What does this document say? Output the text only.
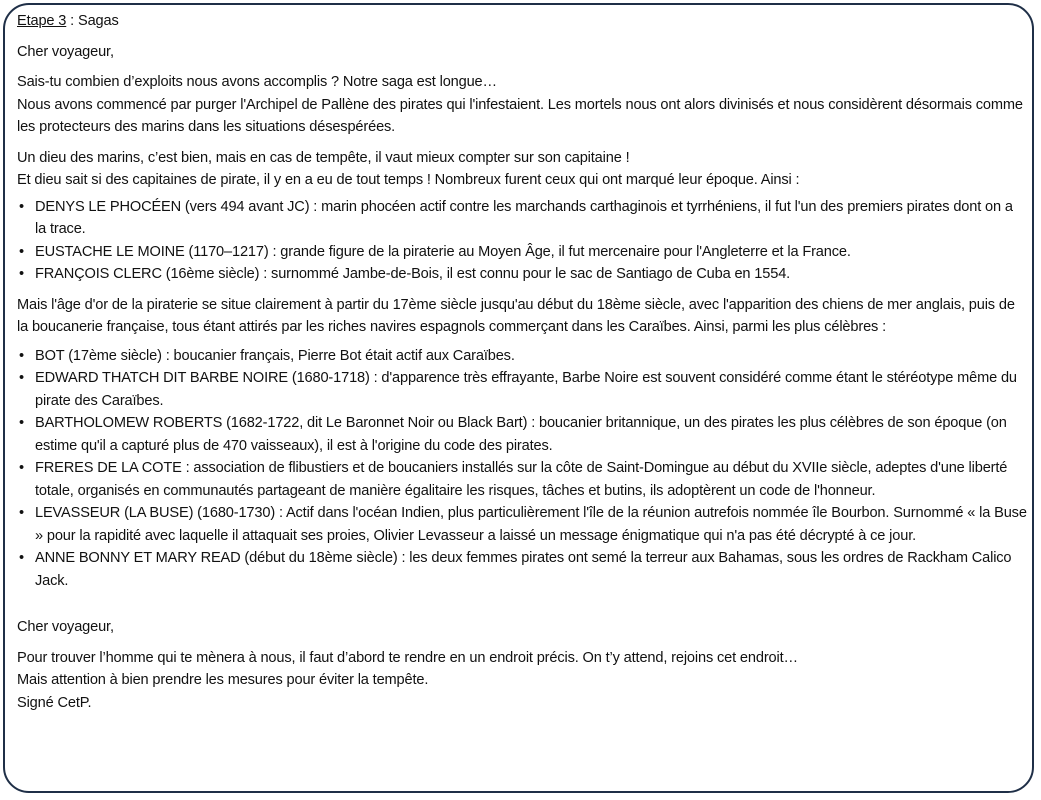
Etape 3 : Sagas

Cher voyageur,

Sais-tu combien d’exploits nous avons accomplis ? Notre saga est longue…

Nous avons commencé par purger l'Archipel de Pallène des pirates qui l'infestaient. Les mortels nous ont alors divinisés et nous considèrent désormais comme les protecteurs des marins dans les situations désespérées.

Un dieu des marins, c’est bien, mais en cas de tempête, il vaut mieux compter sur son capitaine !

Et dieu sait si des capitaines de pirate, il y en a eu de tout temps ! Nombreux furent ceux qui ont marqué leur époque. Ainsi :

• DENYS LE PHOCÉEN (vers 494 avant JC) : marin phocéen actif contre les marchands carthaginois et tyrrhéniens, il fut l'un des premiers pirates dont on a la trace.
• EUSTACHE LE MOINE (1170–1217) : grande figure de la piraterie au Moyen Âge, il fut mercenaire pour l'Angleterre et la France.
• FRANÇOIS CLERC (16ème siècle) : surnommé Jambe-de-Bois, il est connu pour le sac de Santiago de Cuba en 1554.

Mais l'âge d'or de la piraterie se situe clairement à partir du 17ème siècle jusqu'au début du 18ème siècle, avec l'apparition des chiens de mer anglais, puis de la boucanerie française, tous étant attirés par les riches navires espagnols commerçant dans les Caraïbes. Ainsi, parmi les plus célèbres :

• BOT (17ème siècle) : boucanier français, Pierre Bot était actif aux Caraïbes.
• EDWARD THATCH DIT BARBE NOIRE (1680-1718) : d'apparence très effrayante, Barbe Noire est souvent considéré comme étant le stéréotype même du pirate des Caraïbes.
• BARTHOLOMEW ROBERTS (1682-1722, dit Le Baronnet Noir ou Black Bart) : boucanier britannique, un des pirates les plus célèbres de son époque (on estime qu'il a capturé plus de 470 vaisseaux), il est à l'origine du code des pirates.
• FRERES DE LA COTE : association de flibustiers et de boucaniers installés sur la côte de Saint-Domingue au début du XVIIe siècle, adeptes d'une liberté totale, organisés en communautés partageant de manière égalitaire les risques, tâches et butins, ils adoptèrent un code de l'honneur.
• LEVASSEUR (LA BUSE) (1680-1730) : Actif dans l'océan Indien, plus particulièrement l'île de la réunion autrefois nommée île Bourbon. Surnommé « la Buse » pour la rapidité avec laquelle il attaquait ses proies, Olivier Levasseur a laissé un message énigmatique qui n'a pas été décrypté à ce jour.
• ANNE BONNY ET MARY READ (début du 18ème siècle) : les deux femmes pirates ont semé la terreur aux Bahamas, sous les ordres de Rackham Calico Jack.

Cher voyageur,

Pour trouver l’homme qui te mènera à nous, il faut d’abord te rendre en un endroit précis. On t’y attend, rejoins cet endroit…

Mais attention à bien prendre les mesures pour éviter la tempête.

Signé CetP.
